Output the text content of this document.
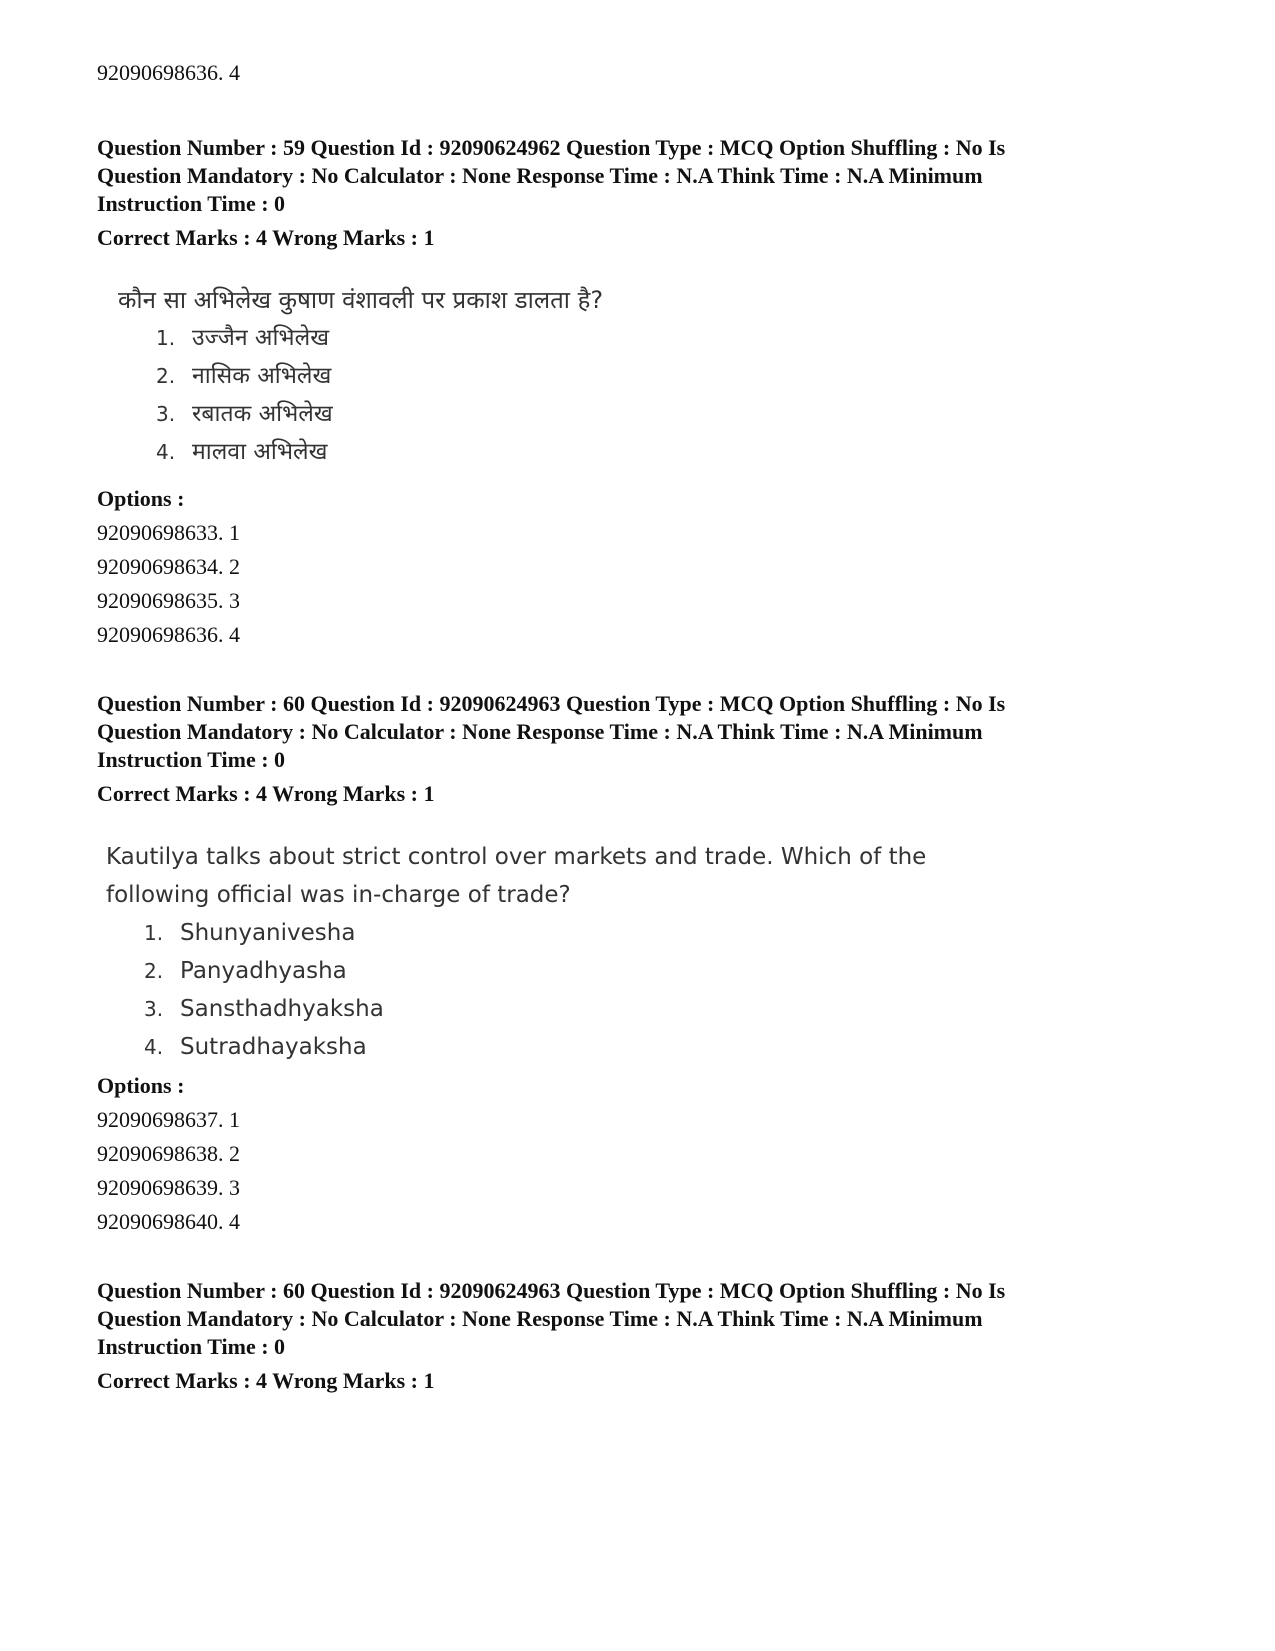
92090698636. 4

Question Number : 59 Question Id : 92090624962 Question Type : MCQ Option Shuffling : No Is

Question Mandatory : No Calculator : None Response Time : N.A Think Time : N.A Minimum

Instruction Time : 0

Correct Marks : 4 Wrong Marks : 1

कौन सा अभिलेख कुषाण वंशावली पर प्रकाश डालता है?
1. उज्जैन अभिलेख
2. नासिक अभिलेख
3. रबातक अभिलेख
4. मालवा अभिलेख

Options :

92090698633. 1
92090698634. 2
92090698635. 3
92090698636. 4

Question Number : 60 Question Id : 92090624963 Question Type : MCQ Option Shuffling : No Is

Question Mandatory : No Calculator : None Response Time : N.A Think Time : N.A Minimum

Instruction Time : 0

Correct Marks : 4 Wrong Marks : 1

Kautilya talks about strict control over markets and trade. Which of the
following official was in-charge of trade?
1. Shunyanivesha
2. Panyadhyasha
3. Sansthadhyaksha
4. Sutradhayaksha

Options :

92090698637. 1
92090698638. 2
92090698639. 3
92090698640. 4

Question Number : 60 Question Id : 92090624963 Question Type : MCQ Option Shuffling : No Is

Question Mandatory : No Calculator : None Response Time : N.A Think Time : N.A Minimum

Instruction Time : 0

Correct Marks : 4 Wrong Marks : 1
